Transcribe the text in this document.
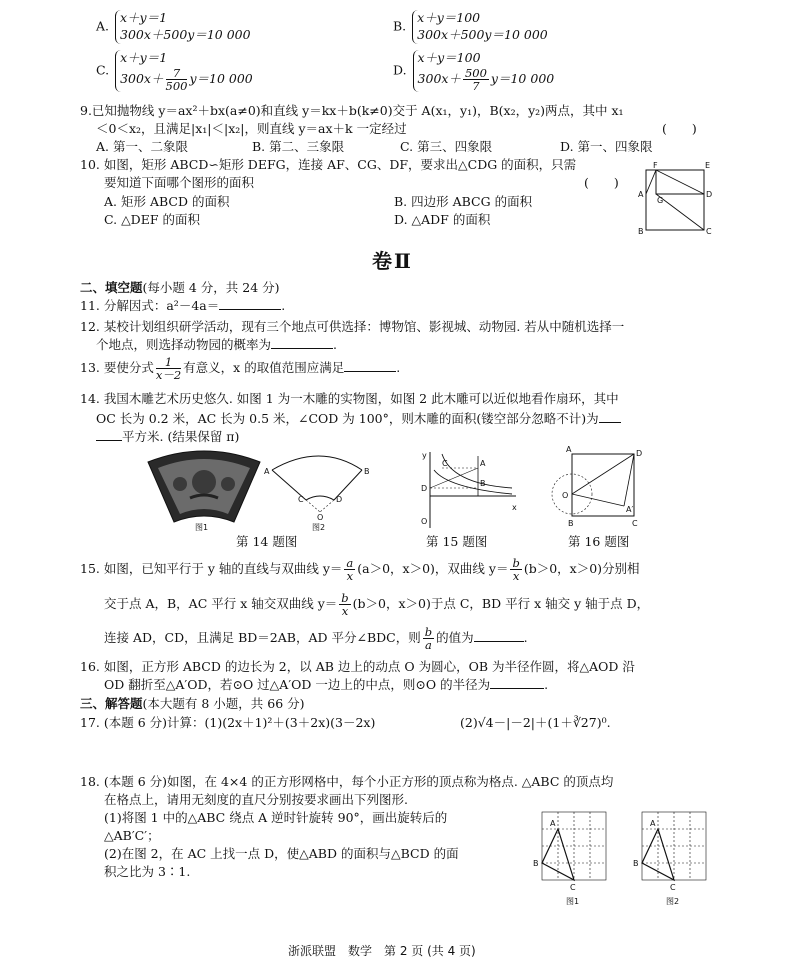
A.
x＋y＝1
300x＋500y＝10 000
B.
x＋y＝100
300x＋500y＝10 000
C.
x＋y＝1
$300x+ \frac{7}{500} y=10$ 000
D.
x＋y＝100
$300x+ \frac{500}{7} y=10$ 000
9.已知抛物线 y＝ax²＋bx(a≠0)和直线 y＝kx＋b(k≠0)交于 A(x₁，y₁)，B(x₂，y₂)两点，其中 x₁
＜0＜x₂，且满足|x₁|＜|x₂|，则直线 y＝ax＋k 一定经过	(　　)
A. 第一、二象限	B. 第二、三象限	C. 第三、四象限	D. 第一、四象限
10. 如图，矩形 ABCD∽矩形 DEFG，连接 AF、CG、DF，要求出△CDG 的面积，只需
要知道下面哪个图形的面积	(　　)
A. 矩形 ABCD 的面积	B. 四边形 ABCG 的面积
C. △DEF 的面积	D. △ADF 的面积
F	E
A	D
G
B	C
卷Ⅱ
二、填空题(每小题 4 分，共 24 分)
11. 分解因式：a²－4a＝	.
12. 某校计划组织研学活动，现有三个地点可供选择：博物馆、影视城、动物园. 若从中随机选择一
个地点，则选择动物园的概率为	.
13. 要使分式 $\frac{1}{x-2}$ 有意义，x 的取值范围应满足	.
14. 我国木雕艺术历史悠久. 如图 1 为一木雕的实物图，如图 2 此木雕可以近似地看作扇环，其中
OC 长为 0.2 米，AC 长为 0.5 米，∠COD 为 100°，则木雕的面积(镂空部分忽略不计)为
平方米. (结果保留 π)
图1
A	B
C	D
O
图2
第 14 题图
y
x
A
B
C
D
O
第 15 题图
A	D
O
B	C
A′
第 16 题图
15. 如图，已知平行于 y 轴的直线与双曲线 $y= \frac{a}{x} (a>0$，x＞0)，双曲线 $y= \frac{b}{x} (b>0$，x＞0)分别相
交于点 A，B，AC 平行 x 轴交双曲线 $y= \frac{b}{x} (b>0$，x＞0)于点 C，BD 平行 x 轴交 y 轴于点 D，
连接 AD，CD，且满足 BD＝2AB，AD 平分∠BDC，则 $\frac{b}{a}$ 的值为	.
16. 如图，正方形 ABCD 的边长为 2，以 AB 边上的动点 O 为圆心，OB 为半径作圆，将△AOD 沿
OD 翻折至△A′OD，若⊙O 过△A′OD 一边上的中点，则⊙O 的半径为	.
三、解答题(本大题有 8 小题，共 66 分)
17. (本题 6 分)计算：(1)(2x＋1)²＋(3＋2x)(3－2x)	(2)√4－|－2|＋(1＋∛27)⁰.
18. (本题 6 分)如图，在 4×4 的正方形网格中，每个小正方形的顶点称为格点. △ABC 的顶点均
在格点上，请用无刻度的直尺分别按要求画出下列图形.
(1)将图 1 中的△ABC 绕点 A 逆时针旋转 90°，画出旋转后的
△AB′C′；
(2)在图 2，在 AC 上找一点 D，使△ABD 的面积与△BCD 的面
积之比为 3∶1.
A
B
C
图1
A
B
C
图2
浙派联盟　数学　第 2 页 (共 4 页)
